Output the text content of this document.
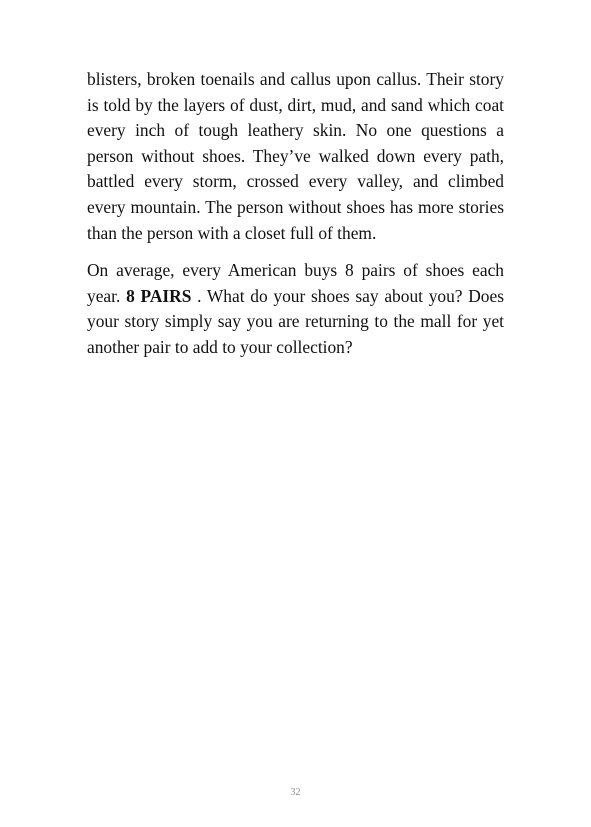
blisters, broken toenails and callus upon callus. Their story is told by the layers of dust, dirt, mud, and sand which coat every inch of tough leathery skin. No one questions a person without shoes. They’ve walked down every path, battled every storm, crossed every valley, and climbed every mountain. The person without shoes has more stories than the person with a closet full of them.

On average, every American buys 8 pairs of shoes each year. 8 PAIRS . What do your shoes say about you? Does your story simply say you are returning to the mall for yet another pair to add to your collection?

32
